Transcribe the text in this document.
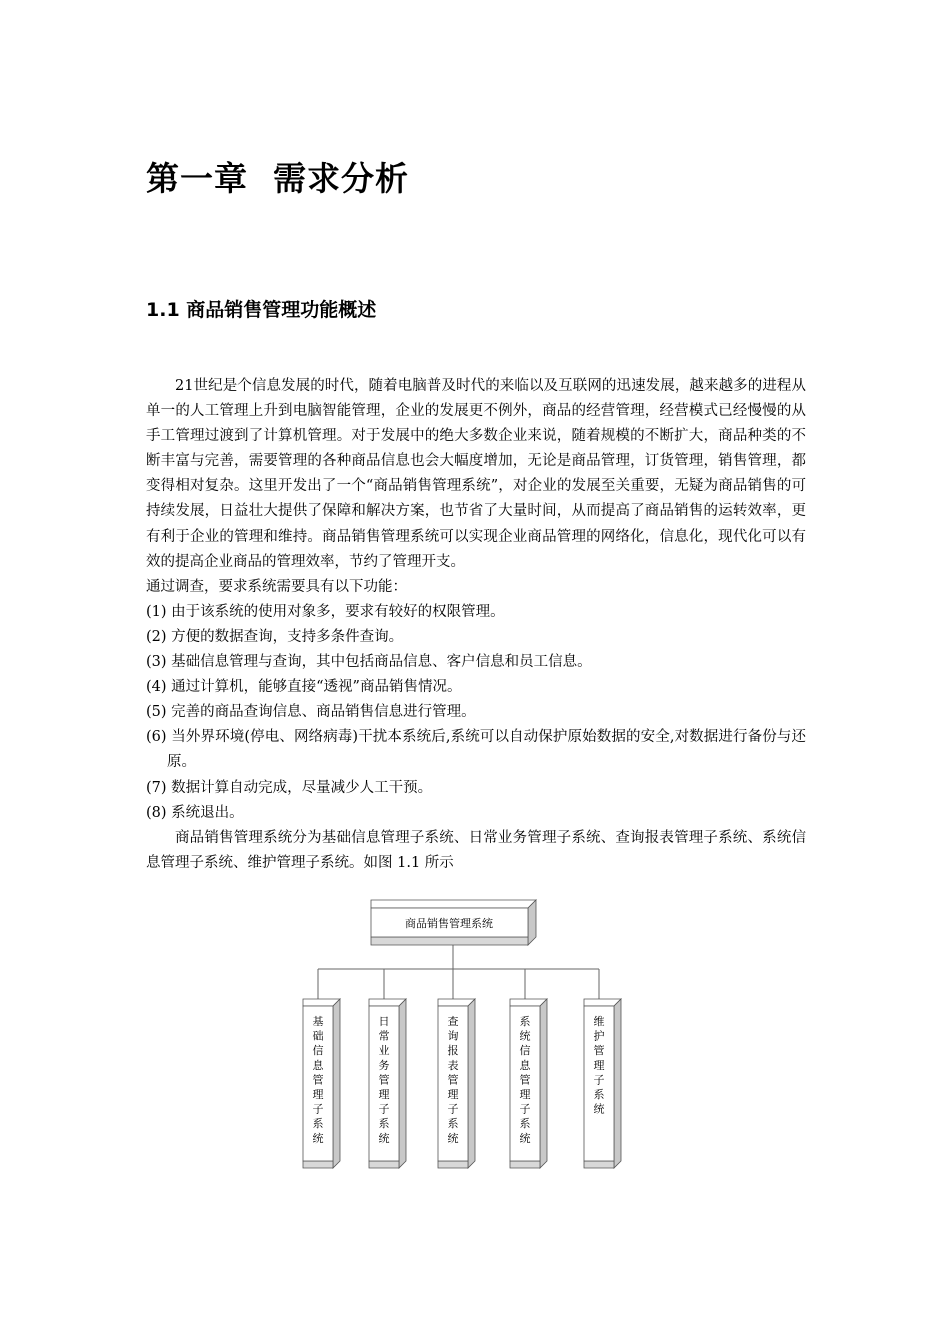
第一章  需求分析
1.1 商品销售管理功能概述

21世纪是个信息发展的时代，随着电脑普及时代的来临以及互联网的迅速发展，越来越多的进程从单一的人工管理上升到电脑智能管理，企业的发展更不例外，商品的经营管理，经营模式已经慢慢的从手工管理过渡到了计算机管理。对于发展中的绝大多数企业来说，随着规模的不断扩大，商品种类的不断丰富与完善，需要管理的各种商品信息也会大幅度增加，无论是商品管理，订货管理，销售管理，都变得相对复杂。这里开发出了一个“商品销售管理系统”，对企业的发展至关重要，无疑为商品销售的可持续发展，日益壮大提供了保障和解决方案，也节省了大量时间，从而提高了商品销售的运转效率，更有利于企业的管理和维持。商品销售管理系统可以实现企业商品管理的网络化，信息化，现代化可以有效的提高企业商品的管理效率，节约了管理开支。

通过调查，要求系统需要具有以下功能：

(1) 由于该系统的使用对象多，要求有较好的权限管理。

(2) 方便的数据查询，支持多条件查询。

(3) 基础信息管理与查询，其中包括商品信息、客户信息和员工信息。

(4) 通过计算机，能够直接“透视”商品销售情况。

(5) 完善的商品查询信息、商品销售信息进行管理。

(6) 当外界环境(停电、网络病毒)干扰本系统后,系统可以自动保护原始数据的安全,对数据进行备份与还原。

(7) 数据计算自动完成，尽量减少人工干预。

(8) 系统退出。

商品销售管理系统分为基础信息管理子系统、日常业务管理子系统、查询报表管理子系统、系统信息管理子系统、维护管理子系统。如图 1.1 所示

商品销售管理系统
基
础
信
息
管
理
子
系
统
日
常
业
务
管
理
子
系
统
查
询
报
表
管
理
子
系
统
系
统
信
息
管
理
子
系
统
维
护
管
理
子
系
统
